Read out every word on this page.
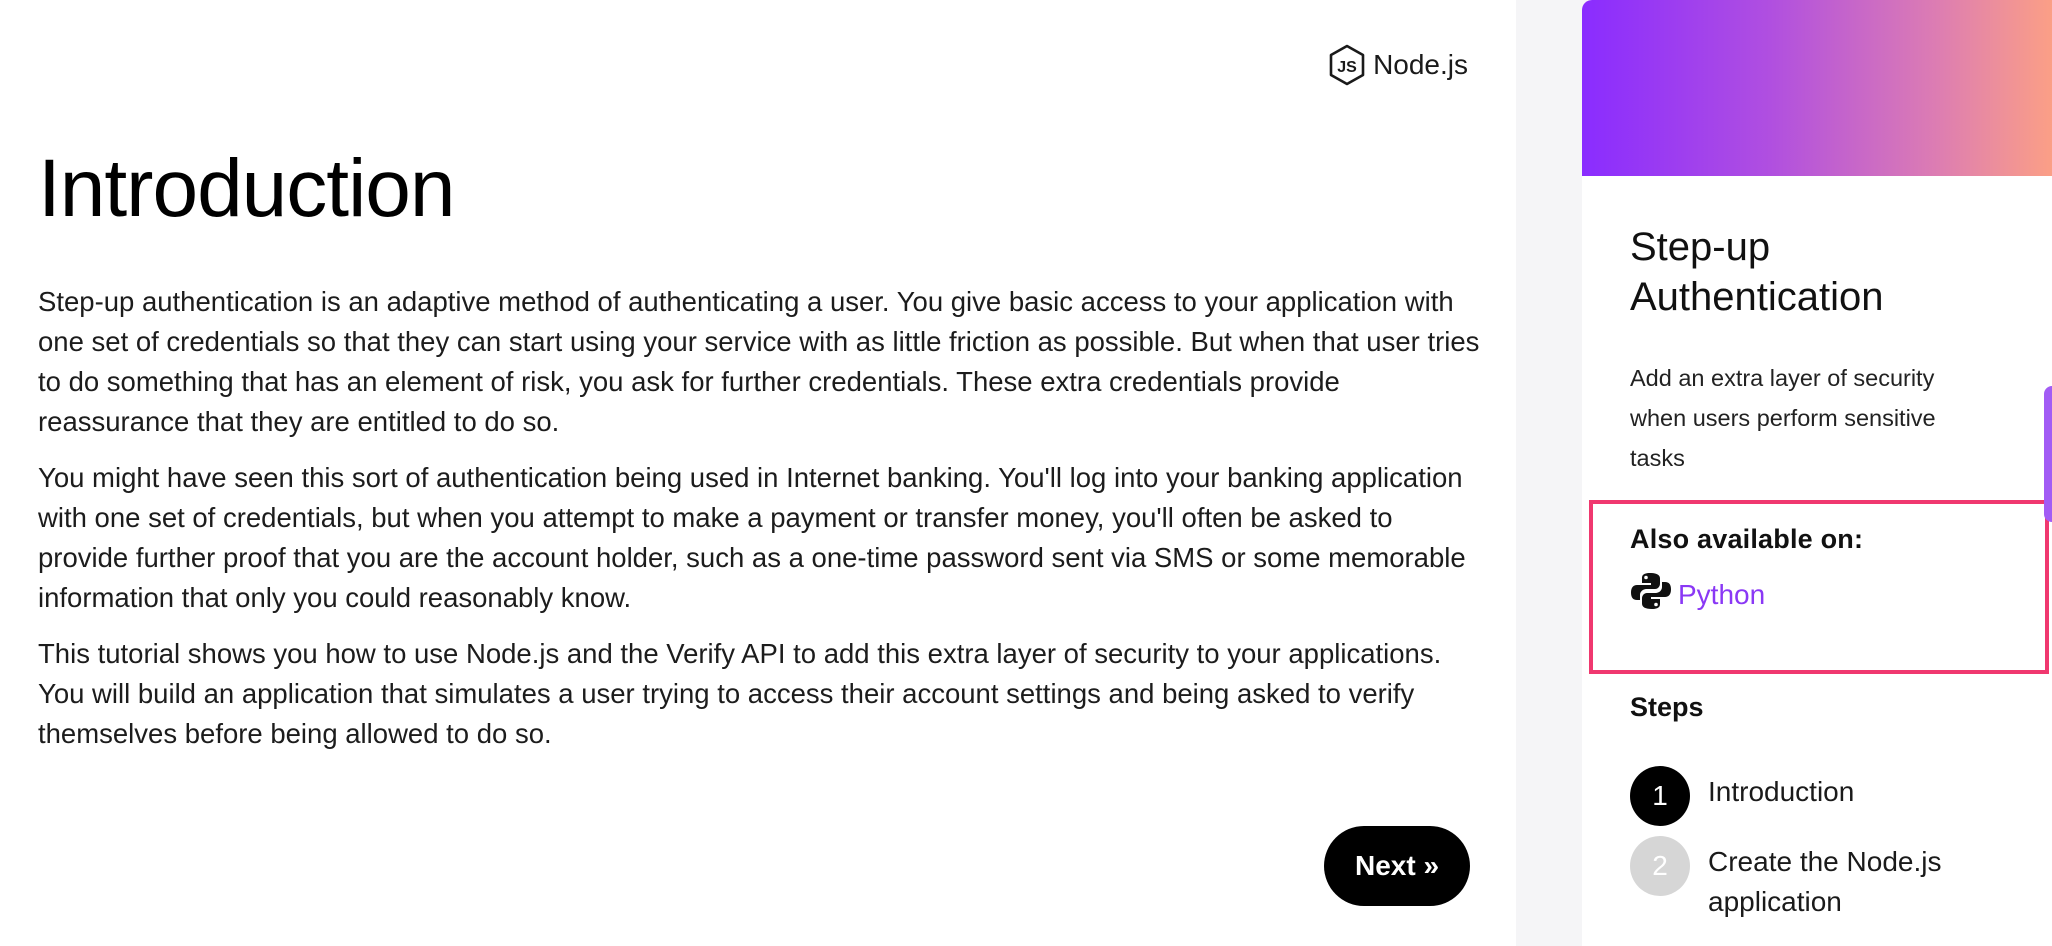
JS Node.js
Introduction

Step-up authentication is an adaptive method of authenticating a user. You give basic access to your application with one set of credentials so that they can start using your service with as little friction as possible. But when that user tries to do something that has an element of risk, you ask for further credentials. These extra credentials provide reassurance that they are entitled to do so.

You might have seen this sort of authentication being used in Internet banking. You'll log into your banking application with one set of credentials, but when you attempt to make a payment or transfer money, you'll often be asked to provide further proof that you are the account holder, such as a one-time password sent via SMS or some memorable information that only you could reasonably know.

This tutorial shows you how to use Node.js and the Verify API to add this extra layer of security to your applications. You will build an application that simulates a user trying to access their account settings and being asked to verify themselves before being allowed to do so.

Next »
Step-up Authentication

Add an extra layer of security when users perform sensitive tasks

Also available on:
Python
Steps
1	Introduction
2	Create the Node.js application
